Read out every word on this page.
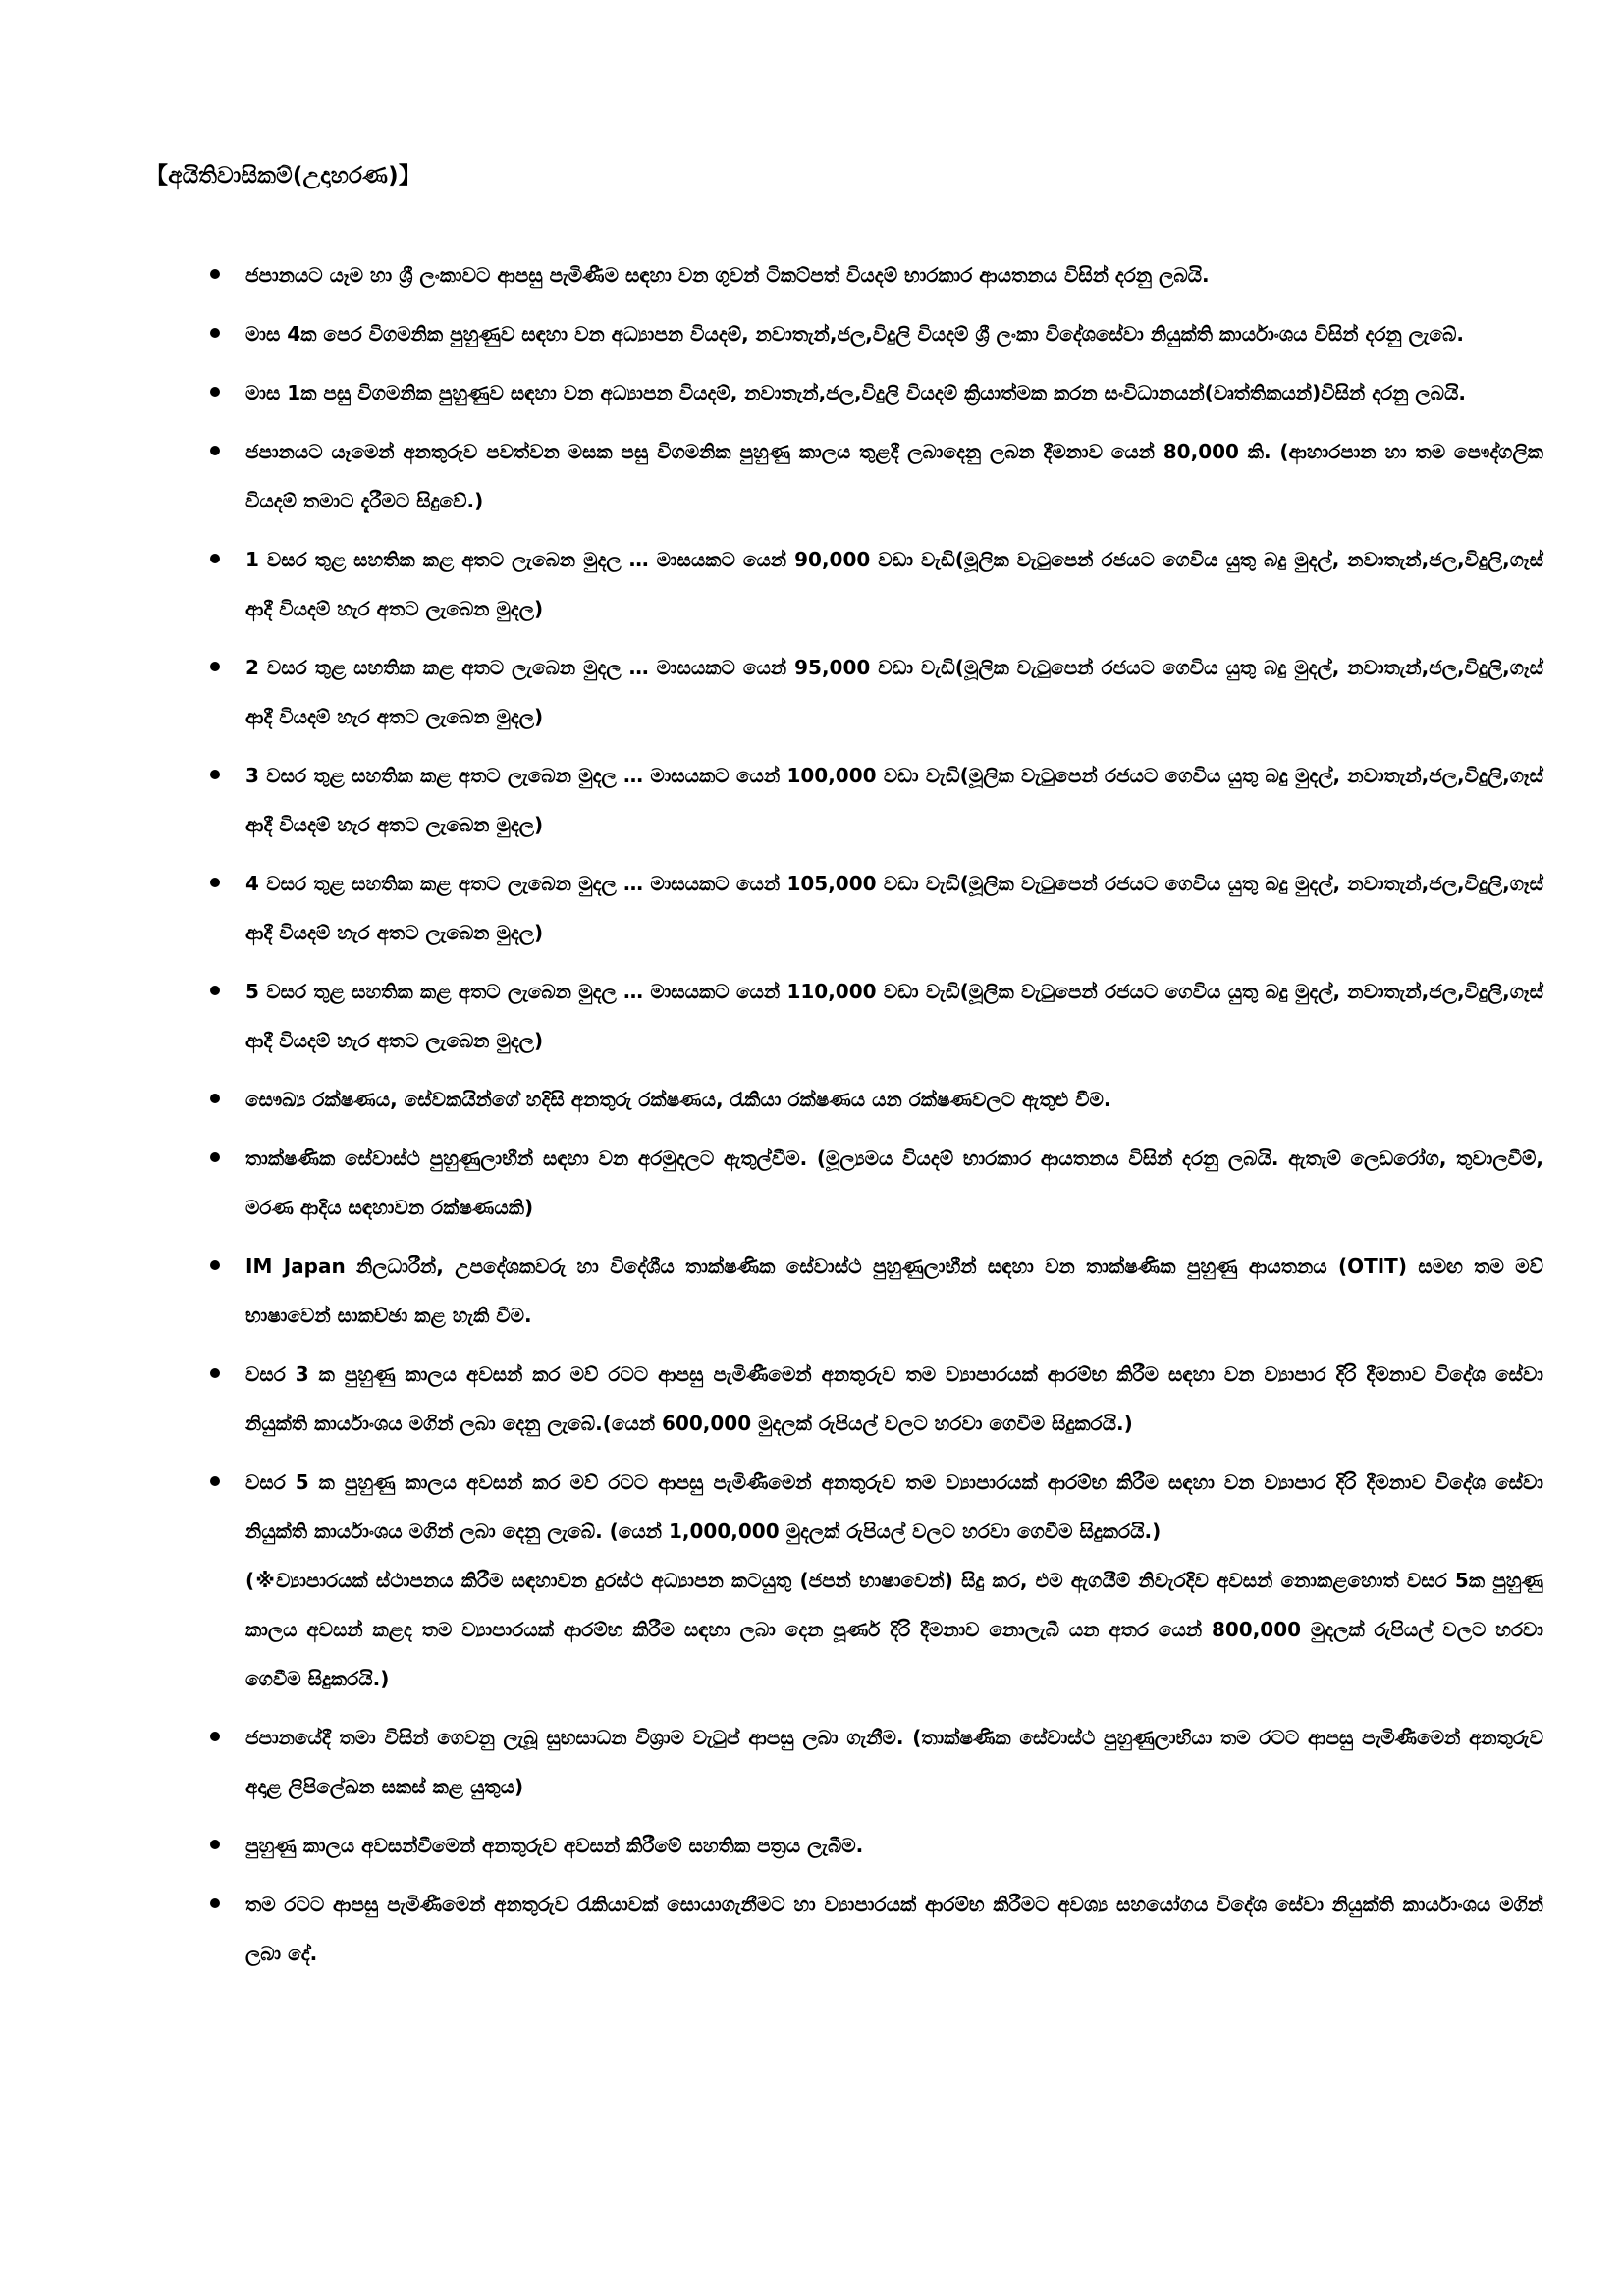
【අයිතිවාසිකම්(උදාහරණ)】
ජපානයට යෑම හා ශ්‍රී ලංකාවට ආපසු පැමිණීම සඳහා වන ගුවන් ටිකට්පත් වියදම් භාරකාර ආයතනය විසින් දරනු ලබයි.
මාස 4ක පෙර විගමනික පුහුණුව සඳහා වන අධ්‍යාපන වියදම්, නවාතැන්,ජල,විදුලි වියදම් ශ්‍රී ලංකා විදේශසේවා නියුක්ති කාර්යාංශය විසින් දරනු ලැබේ.
මාස 1ක පසු විගමනික පුහුණුව සඳහා වන අධ්‍යාපන වියදම්, නවාතැන්,ජල,විදුලි වියදම් ක්‍රියාත්මක කරන සංවිධානයන්(වෘත්තිකයන්)විසින් දරනු ලබයි.
ජපානයට යෑමෙන් අනතුරුව පවත්වන මසක පසු විගමනික පුහුණු කාලය තුළදී ලබාදෙනු ලබන දීමනාව යෙන් 80,000 කි. (ආහාරපාන හා තම පෞද්ගලික වියදම් තමාට දැරීමට සිදුවේ.)
1 වසර තුළ සහතික කළ අතට ලැබෙන මුදල … මාසයකට යෙන් 90,000 වඩා වැඩි(මූලික වැටුපෙන් රජයට ගෙවිය යුතු බදු මුදල්, නවාතැන්,ජල,විදුලි,ගෑස් ආදී වියදම් හැර අතට ලැබෙන මුදල)
2 වසර තුළ සහතික කළ අතට ලැබෙන මුදල … මාසයකට යෙන් 95,000 වඩා වැඩි(මූලික වැටුපෙන් රජයට ගෙවිය යුතු බදු මුදල්, නවාතැන්,ජල,විදුලි,ගෑස් ආදී වියදම් හැර අතට ලැබෙන මුදල)
3 වසර තුළ සහතික කළ අතට ලැබෙන මුදල … මාසයකට යෙන් 100,000 වඩා වැඩි(මූලික වැටුපෙන් රජයට ගෙවිය යුතු බදු මුදල්, නවාතැන්,ජල,විදුලි,ගෑස් ආදී වියදම් හැර අතට ලැබෙන මුදල)
4 වසර තුළ සහතික කළ අතට ලැබෙන මුදල … මාසයකට යෙන් 105,000 වඩා වැඩි(මූලික වැටුපෙන් රජයට ගෙවිය යුතු බදු මුදල්, නවාතැන්,ජල,විදුලි,ගෑස් ආදී වියදම් හැර අතට ලැබෙන මුදල)
5 වසර තුළ සහතික කළ අතට ලැබෙන මුදල … මාසයකට යෙන් 110,000 වඩා වැඩි(මූලික වැටුපෙන් රජයට ගෙවිය යුතු බදු මුදල්, නවාතැන්,ජල,විදුලි,ගෑස් ආදී වියදම් හැර අතට ලැබෙන මුදල)
සෞඛ්‍ය රක්ෂණය, සේවකයින්ගේ හදිසි අනතුරු රක්ෂණය, රැකියා රක්ෂණය යන රක්ෂණවලට ඇතුළු වීම.
තාක්ෂණික සේවාස්ථ පුහුණුලාභීන් සඳහා වන අරමුදලට ඇතුල්වීම. (මූල්‍යමය වියදම් භාරකාර ආයතනය විසින් දරනු ලබයි. ඇතැම් ලෙඩරෝග, තුවාලවීම්, මරණ ආදිය සඳහාවන රක්ෂණයකි)
IM Japan නිලධාරීන්, උපදේශකවරු හා විදේශීය තාක්ෂණික සේවාස්ථ පුහුණුලාභීන් සඳහා වන තාක්ෂණික පුහුණු ආයතනය (OTIT) සමඟ තම මව් භාෂාවෙන් සාකච්ඡා කළ හැකි වීම.
වසර 3 ක පුහුණු කාලය අවසන් කර මව් රටට ආපසු පැමිණීමෙන් අනතුරුව තම ව්‍යාපාරයක් ආරම්භ කිරීම සඳහා වන ව්‍යාපාර දිරි දීමනාව විදේශ සේවා නියුක්ති කාර්යාංශය මගින් ලබා දෙනු ලැබේ.(යෙන් 600,000 මුදලක් රුපියල් වලට හරවා ගෙවීම සිදුකරයි.)
වසර 5 ක පුහුණු කාලය අවසන් කර මව් රටට ආපසු පැමිණීමෙන් අනතුරුව තම ව්‍යාපාරයක් ආරම්භ කිරීම සඳහා වන ව්‍යාපාර දිරි දීමනාව විදේශ සේවා නියුක්ති කාර්යාංශය මගින් ලබා දෙනු ලැබේ. (යෙන් 1,000,000 මුදලක් රුපියල් වලට හරවා ගෙවීම සිදුකරයි.)
(※ව්‍යාපාරයක් ස්ථාපනය කිරීම සඳහාවන දුරස්ථ අධ්‍යාපන කටයුතු (ජපන් භාෂාවෙන්) සිදු කර, එම ඇගයීම් නිවැරදිව අවසන් නොකළහොත් වසර 5ක පුහුණු කාලය අවසන් කළද තම ව්‍යාපාරයක් ආරම්භ කිරීම සඳහා ලබා දෙන පූර්ණ දිරි දීමනාව නොලැබී යන අතර යෙන් 800,000 මුදලක් රුපියල් වලට හරවා ගෙවීම සිදුකරයි.)
ජපානයේදී තමා විසින් ගෙවනු ලැබූ සුභසාධන විශ්‍රාම වැටුප් ආපසු ලබා ගැනීම. (තාක්ෂණික සේවාස්ථ පුහුණුලාභියා තම රටට ආපසු පැමිණීමෙන් අනතුරුව අදාළ ලිපිලේඛන සකස් කළ යුතුය)
පුහුණු කාලය අවසන්වීමෙන් අනතුරුව අවසන් කිරීමේ සහතික පත්‍රය ලැබීම.
තම රටට ආපසු පැමිණීමෙන් අනතුරුව රැකියාවක් සොයාගැනීමට හා ව්‍යාපාරයක් ආරම්භ කිරීමට අවශ්‍ය සහයෝගය විදේශ සේවා නියුක්ති කාර්යාංශය මගින් ලබා දේ.
